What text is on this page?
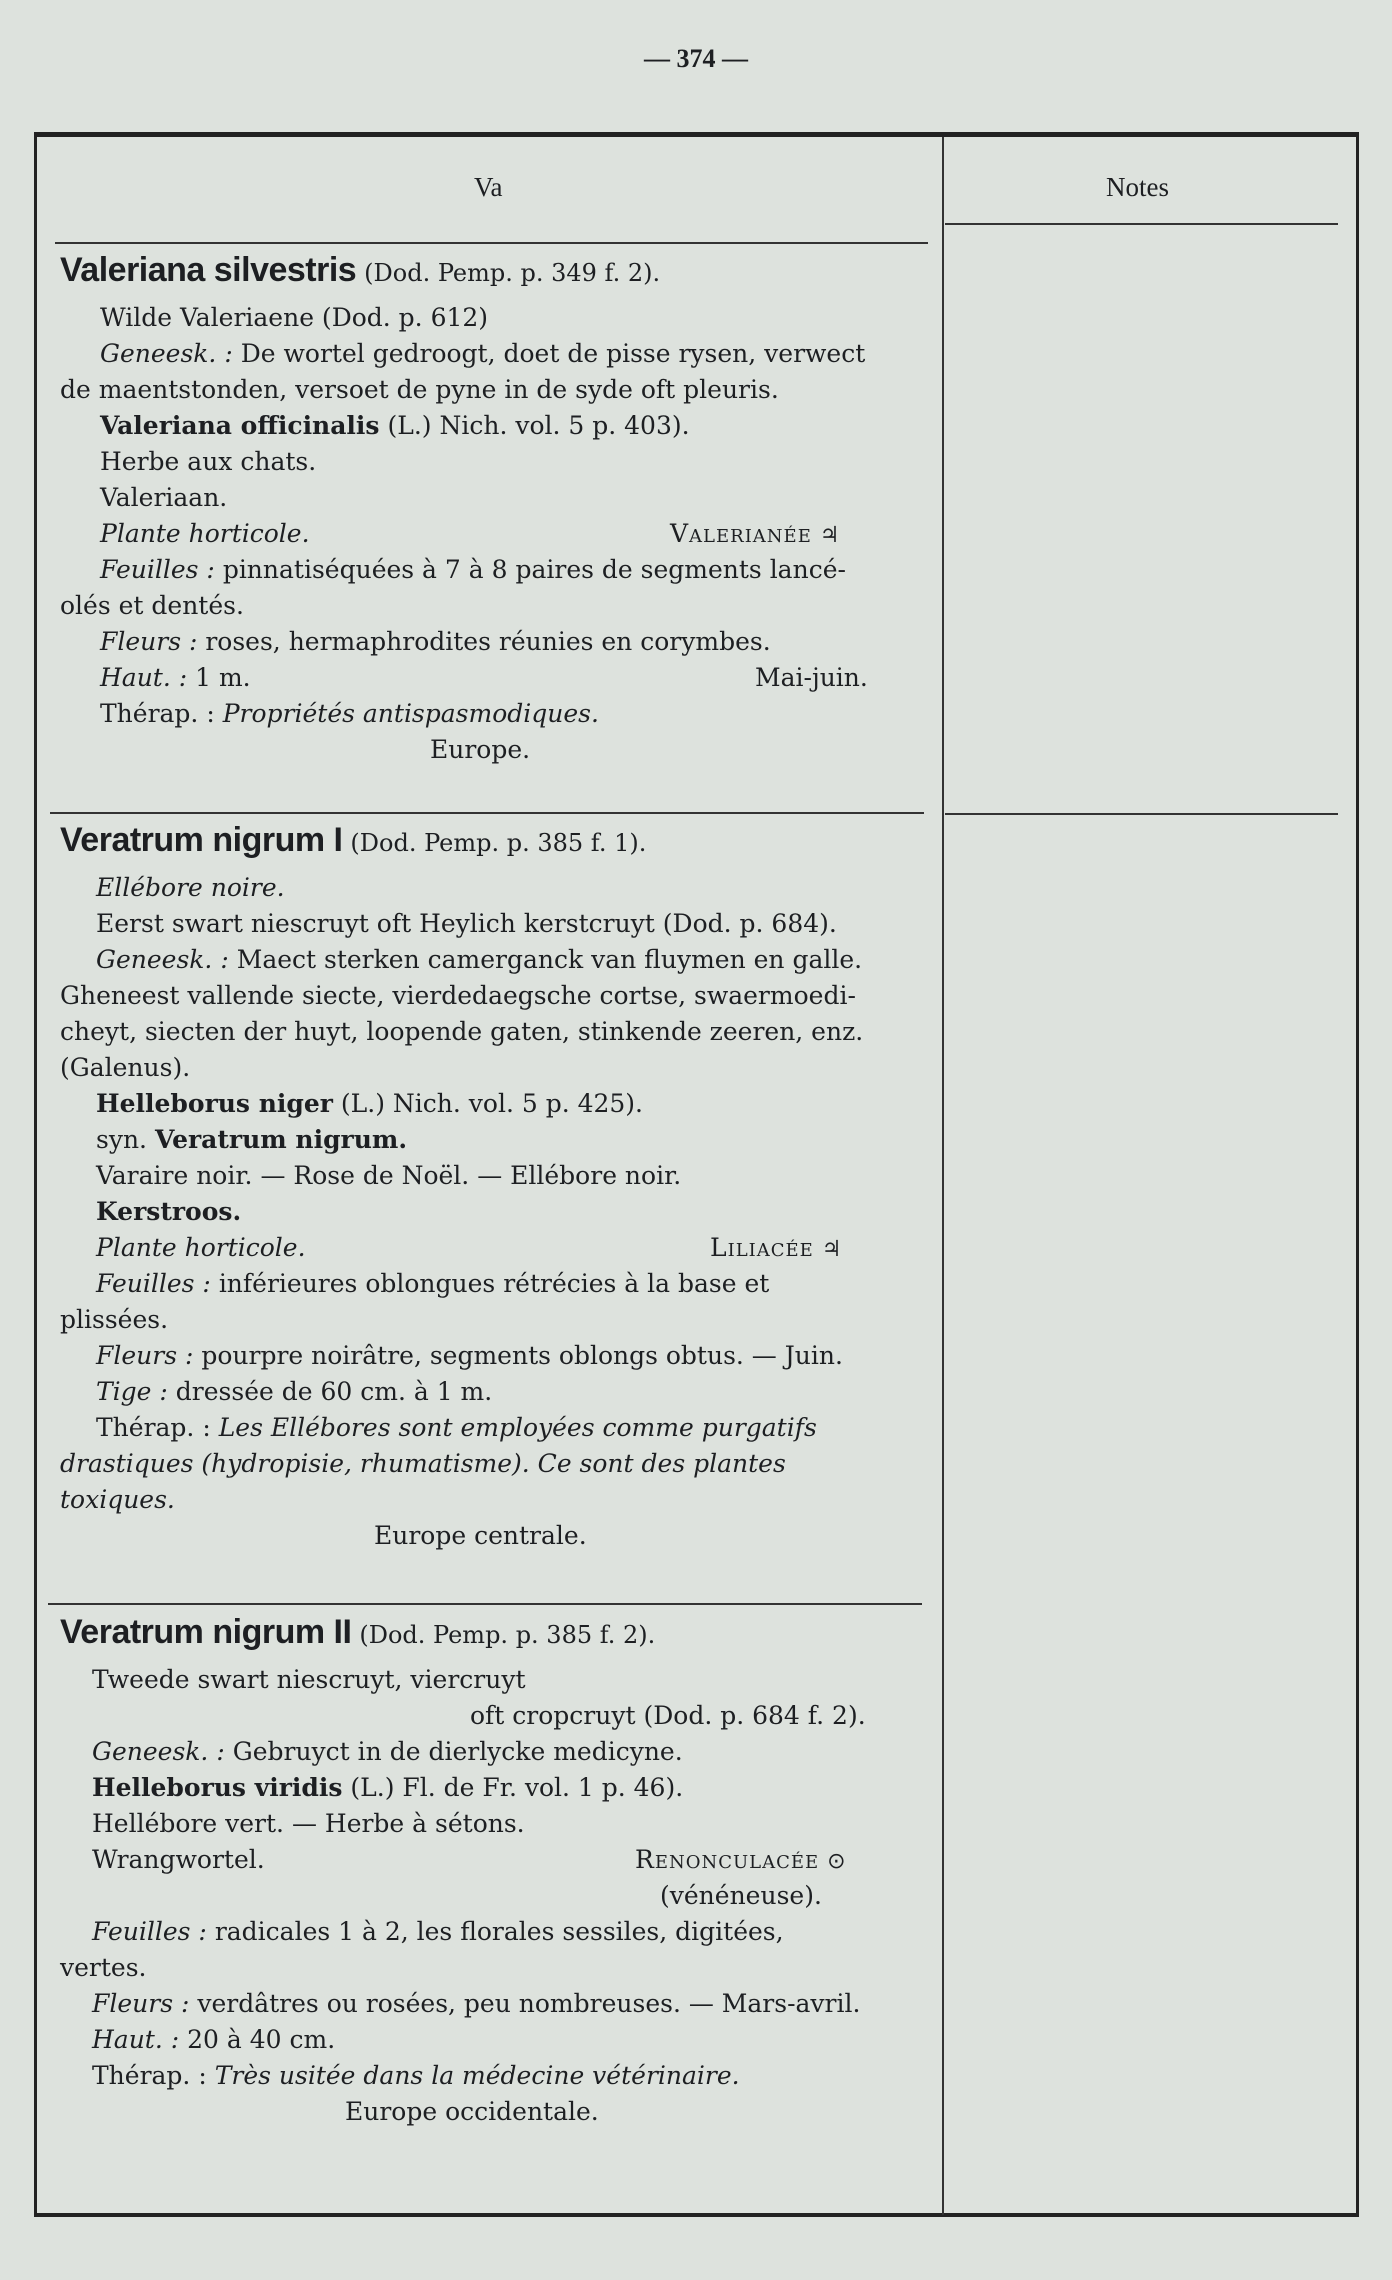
— 374 —
Va	Notes
Valeriana silvestris (Dod. Pemp. p. 349 f. 2).
Wilde Valeriaene (Dod. p. 612)
Geneesk. : De wortel gedroogt, doet de pisse rysen, verwect
de maentstonden, versoet de pyne in de syde oft pleuris.
Valeriana officinalis (L.) Nich. vol. 5 p. 403).
Herbe aux chats.
Valeriaan.
Plante horticole.	Valerianée ♃
Feuilles : pinnatiséquées à 7 à 8 paires de segments lancé-
olés et dentés.
Fleurs : roses, hermaphrodites réunies en corymbes.
Haut. : 1 m.	Mai-juin.
Thérap. : Propriétés antispasmodiques.
Europe.
Veratrum nigrum I (Dod. Pemp. p. 385 f. 1).
Ellébore noire.
Eerst swart niescruyt oft Heylich kerstcruyt (Dod. p. 684).
Geneesk. : Maect sterken camerganck van fluymen en galle.
Gheneest vallende siecte, vierdedaegsche cortse, swaermoedi-
cheyt, siecten der huyt, loopende gaten, stinkende zeeren, enz.
(Galenus).
Helleborus niger (L.) Nich. vol. 5 p. 425).
syn. Veratrum nigrum.
Varaire noir. — Rose de Noël. — Ellébore noir.
Kerstroos.
Plante horticole.	Liliacée ♃
Feuilles : inférieures oblongues rétrécies à la base et
plissées.
Fleurs : pourpre noirâtre, segments oblongs obtus. — Juin.
Tige : dressée de 60 cm. à 1 m.
Thérap. : Les Ellébores sont employées comme purgatifs
drastiques (hydropisie, rhumatisme). Ce sont des plantes
toxiques.
Europe centrale.
Veratrum nigrum II (Dod. Pemp. p. 385 f. 2).
Tweede swart niescruyt, viercruyt
oft cropcruyt (Dod. p. 684 f. 2).
Geneesk. : Gebruyct in de dierlycke medicyne.
Helleborus viridis (L.) Fl. de Fr. vol. 1 p. 46).
Hellébore vert. — Herbe à sétons.
Wrangwortel.	Renonculacée ⊙
(vénéneuse).
Feuilles : radicales 1 à 2, les florales sessiles, digitées,
vertes.
Fleurs : verdâtres ou rosées, peu nombreuses. — Mars-avril.
Haut. : 20 à 40 cm.
Thérap. : Très usitée dans la médecine vétérinaire.
Europe occidentale.
